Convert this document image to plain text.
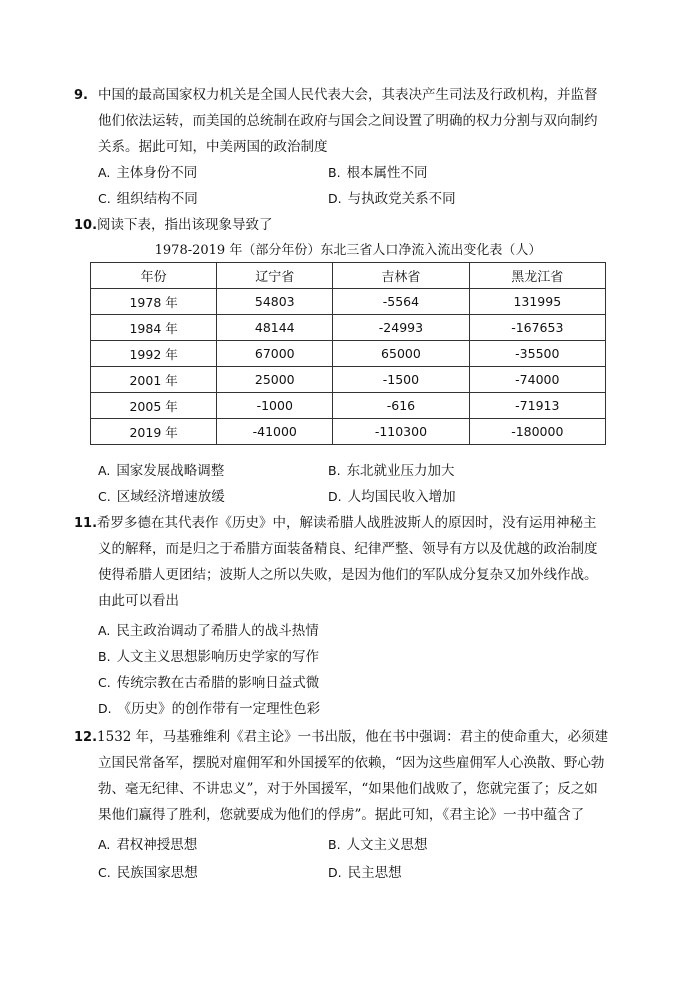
9. 中国的最高国家权力机关是全国人民代表大会，其表决产生司法及行政机构，并监督
他们依法运转，而美国的总统制在政府与国会之间设置了明确的权力分割与双向制约
关系。据此可知，中美两国的政治制度
A. 主体身份不同	B. 根本属性不同
C. 组织结构不同	D. 与执政党关系不同
10.阅读下表，指出该现象导致了
1978-2019 年（部分年份）东北三省人口净流入流出变化表（人）
年份	辽宁省	吉林省	黑龙江省
1978 年	54803	-5564	131995
1984 年	48144	-24993	-167653
1992 年	67000	65000	-35500
2001 年	25000	-1500	-74000
2005 年	-1000	-616	-71913
2019 年	-41000	-110300	-180000
A. 国家发展战略调整	B. 东北就业压力加大
C. 区域经济增速放缓	D. 人均国民收入增加
11.希罗多德在其代表作《历史》中，解读希腊人战胜波斯人的原因时，没有运用神秘主
义的解释，而是归之于希腊方面装备精良、纪律严整、领导有方以及优越的政治制度
使得希腊人更团结；波斯人之所以失败，是因为他们的军队成分复杂又加外线作战。
由此可以看出
A. 民主政治调动了希腊人的战斗热情
B. 人文主义思想影响历史学家的写作
C. 传统宗教在古希腊的影响日益式微
D. 《历史》的创作带有一定理性色彩
12.1532 年，马基雅维利《君主论》一书出版，他在书中强调：君主的使命重大，必须建
立国民常备军，摆脱对雇佣军和外国援军的依赖，“因为这些雇佣军人心涣散、野心勃
勃、毫无纪律、不讲忠义”，对于外国援军，“如果他们战败了，您就完蛋了；反之如
果他们赢得了胜利，您就要成为他们的俘虏”。据此可知，《君主论》一书中蕴含了
A. 君权神授思想	B. 人文主义思想
C. 民族国家思想	D. 民主思想
